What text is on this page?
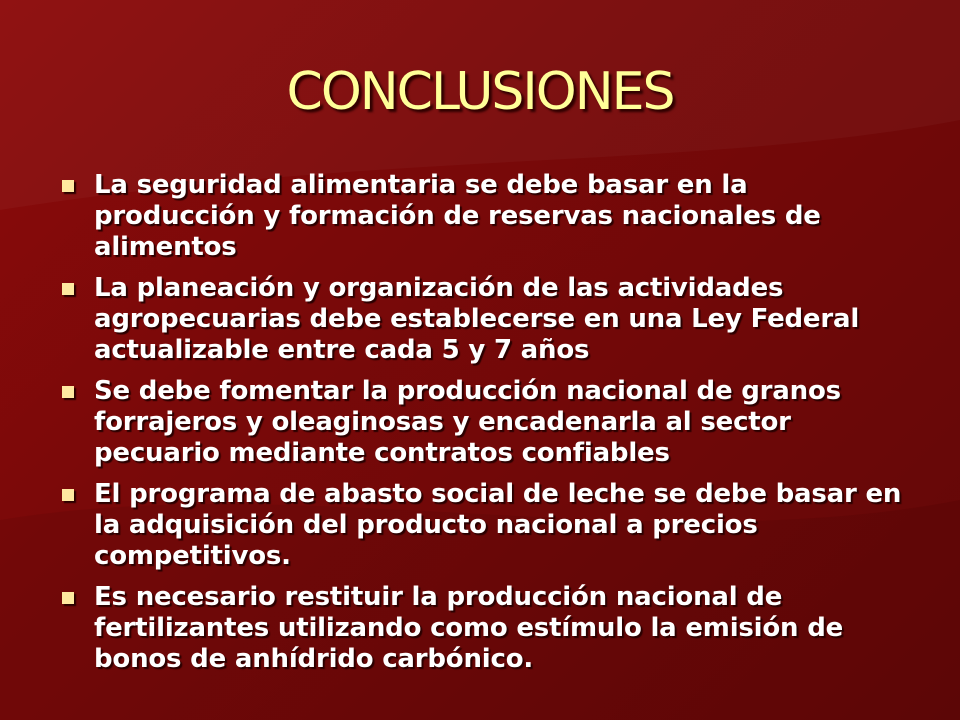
CONCLUSIONES
La seguridad alimentaria se debe basar en la producción y formación de reservas nacionales de alimentos
La planeación y organización de las actividades agropecuarias debe establecerse en una Ley Federal actualizable entre cada 5 y 7 años
Se debe fomentar la producción nacional de granos forrajeros y oleaginosas y encadenarla al sector pecuario mediante contratos confiables
El programa de abasto social de leche se debe basar en la adquisición del producto nacional a precios competitivos.
Es necesario restituir la producción nacional de fertilizantes utilizando como estímulo la emisión de bonos de anhídrido carbónico.
